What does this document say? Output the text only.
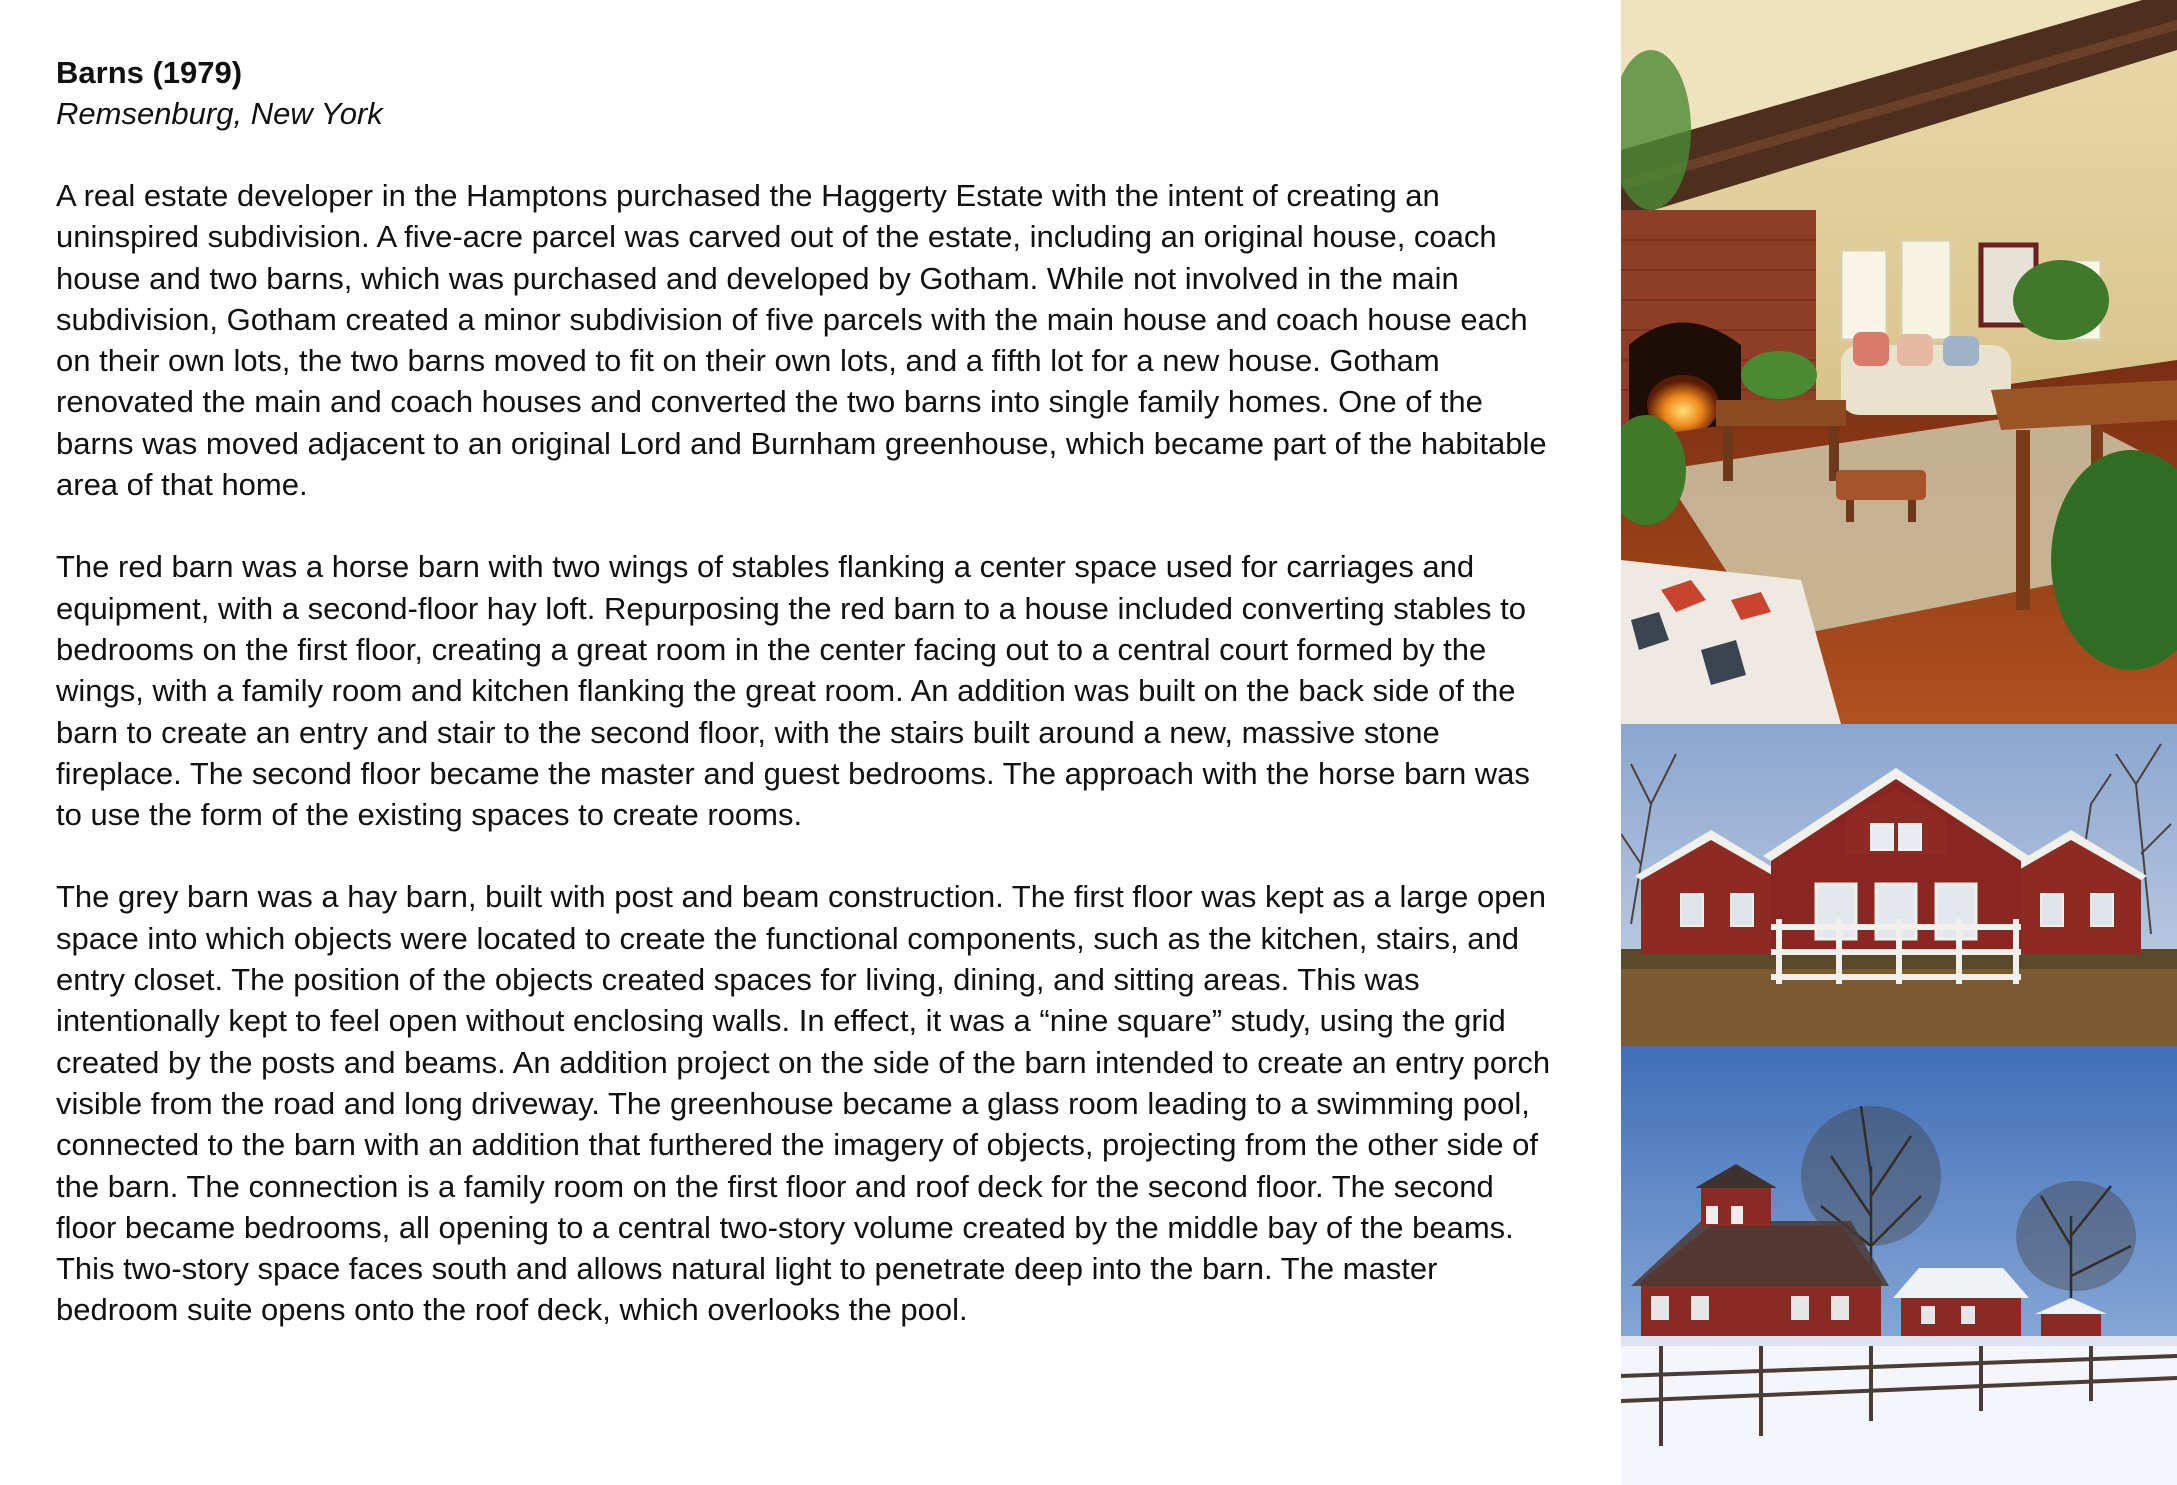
Barns (1979)
Remsenburg, New York

A real estate developer in the Hamptons purchased the Haggerty Estate with the intent of creating an uninspired subdivision. A five-acre parcel was carved out of the estate, including an original house, coach house and two barns, which was purchased and developed by Gotham. While not involved in the main subdivision, Gotham created a minor subdivision of five parcels with the main house and coach house each on their own lots, the two barns moved to fit on their own lots, and a fifth lot for a new house. Gotham renovated the main and coach houses and converted the two barns into single family homes. One of the barns was moved adjacent to an original Lord and Burnham greenhouse, which became part of the habitable area of that home.

The red barn was a horse barn with two wings of stables flanking a center space used for carriages and equipment, with a second-floor hay loft. Repurposing the red barn to a house included converting stables to bedrooms on the first floor, creating a great room in the center facing out to a central court formed by the wings, with a family room and kitchen flanking the great room. An addition was built on the back side of the barn to create an entry and stair to the second floor, with the stairs built around a new, massive stone fireplace. The second floor became the master and guest bedrooms. The approach with the horse barn was to use the form of the existing spaces to create rooms.

The grey barn was a hay barn, built with post and beam construction. The first floor was kept as a large open space into which objects were located to create the functional components, such as the kitchen, stairs, and entry closet. The position of the objects created spaces for living, dining, and sitting areas. This was intentionally kept to feel open without enclosing walls. In effect, it was a “nine square” study, using the grid created by the posts and beams. An addition project on the side of the barn intended to create an entry porch visible from the road and long driveway. The greenhouse became a glass room leading to a swimming pool, connected to the barn with an addition that furthered the imagery of objects, projecting from the other side of the barn. The connection is a family room on the first floor and roof deck for the second floor. The second floor became bedrooms, all opening to a central two-story volume created by the middle bay of the beams. This two-story space faces south and allows natural light to penetrate deep into the barn. The master bedroom suite opens onto the roof deck, which overlooks the pool.
